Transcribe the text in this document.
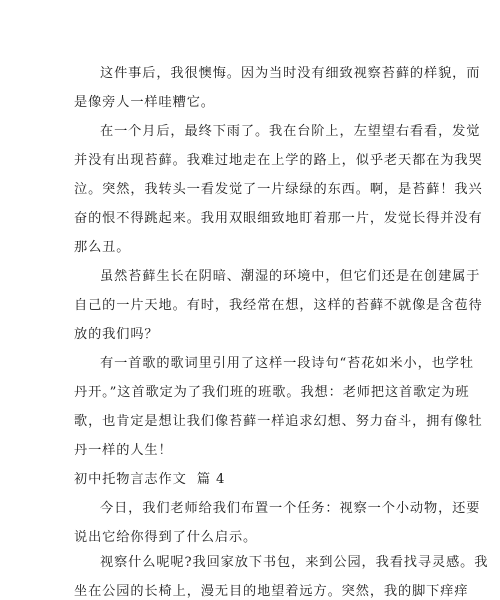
这件事后，我很懊悔。因为当时没有细致视察苔藓的样貌，而
是像旁人一样哇糟它。
在一个月后，最终下雨了。我在台阶上，左望望右看看，发觉
并没有出现苔藓。我难过地走在上学的路上，似乎老天都在为我哭
泣。突然，我转头一看发觉了一片绿绿的东西。啊，是苔藓！我兴
奋的恨不得跳起来。我用双眼细致地盯着那一片，发觉长得并没有
那么丑。
虽然苔藓生长在阴暗、潮湿的环境中，但它们还是在创建属于
自己的一片天地。有时，我经常在想，这样的苔藓不就像是含苞待
放的我们吗？
有一首歌的歌词里引用了这样一段诗句“苔花如米小，也学牡
丹开。”这首歌定为了我们班的班歌。我想：老师把这首歌定为班
歌，也肯定是想让我们像苔藓一样追求幻想、努力奋斗，拥有像牡
丹一样的人生！
初中托物言志作文  篇 4
今日，我们老师给我们布置一个任务：视察一个小动物，还要
说出它给你得到了什么启示。
视察什么呢呢?我回家放下书包，来到公园，我看找寻灵感。我
坐在公园的长椅上，漫无目的地望着远方。突然，我的脚下痒痒
